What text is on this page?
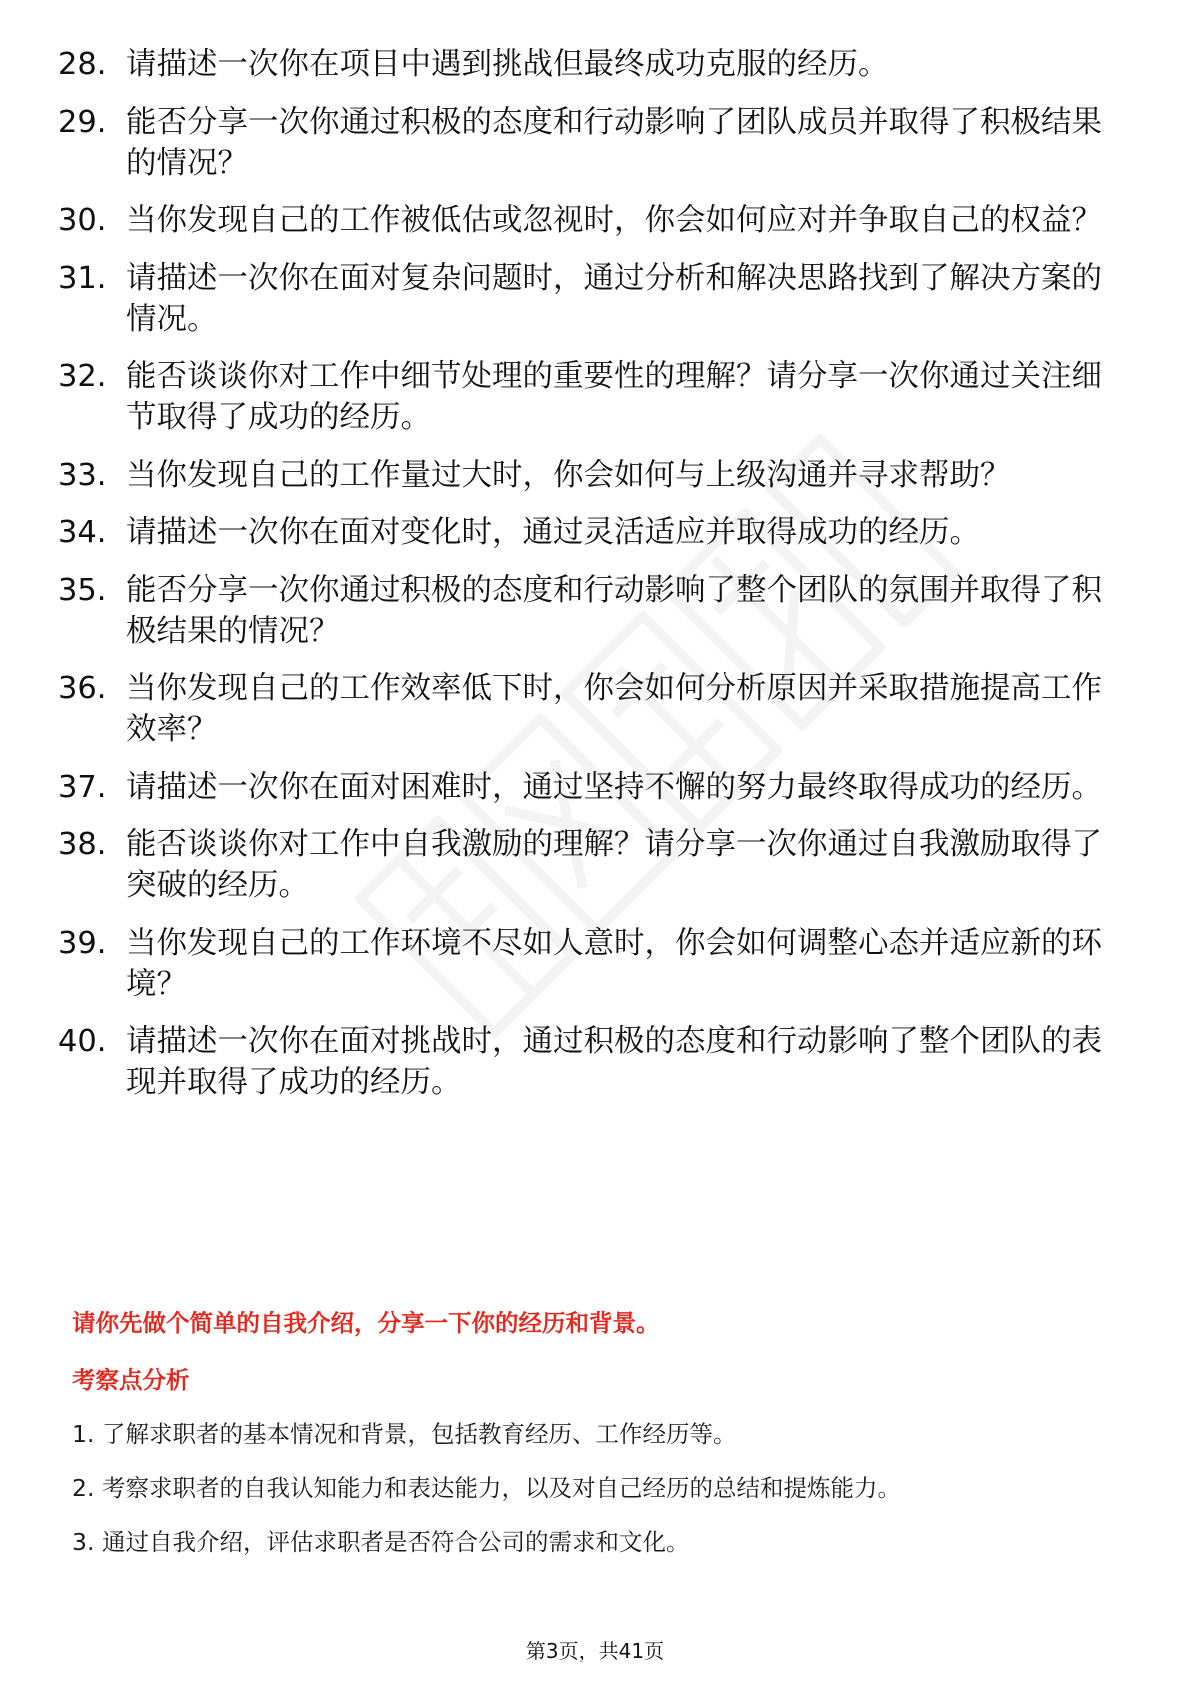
28. 请描述一次你在项目中遇到挑战但最终成功克服的经历。
29. 能否分享一次你通过积极的态度和行动影响了团队成员并取得了积极结果的情况？
30. 当你发现自己的工作被低估或忽视时，你会如何应对并争取自己的权益？
31. 请描述一次你在面对复杂问题时，通过分析和解决思路找到了解决方案的情况。
32. 能否谈谈你对工作中细节处理的重要性的理解？请分享一次你通过关注细节取得了成功的经历。
33. 当你发现自己的工作量过大时，你会如何与上级沟通并寻求帮助？
34. 请描述一次你在面对变化时，通过灵活适应并取得成功的经历。
35. 能否分享一次你通过积极的态度和行动影响了整个团队的氛围并取得了积极结果的情况？
36. 当你发现自己的工作效率低下时，你会如何分析原因并采取措施提高工作效率？
37. 请描述一次你在面对困难时，通过坚持不懈的努力最终取得成功的经历。
38. 能否谈谈你对工作中自我激励的理解？请分享一次你通过自我激励取得了突破的经历。
39. 当你发现自己的工作环境不尽如人意时，你会如何调整心态并适应新的环境？
40. 请描述一次你在面对挑战时，通过积极的态度和行动影响了整个团队的表现并取得了成功的经历。
请你先做个简单的自我介绍，分享一下你的经历和背景。
考察点分析
1. 了解求职者的基本情况和背景，包括教育经历、工作经历等。
2. 考察求职者的自我认知能力和表达能力，以及对自己经历的总结和提炼能力。
3. 通过自我介绍，评估求职者是否符合公司的需求和文化。
第3页，共41页
